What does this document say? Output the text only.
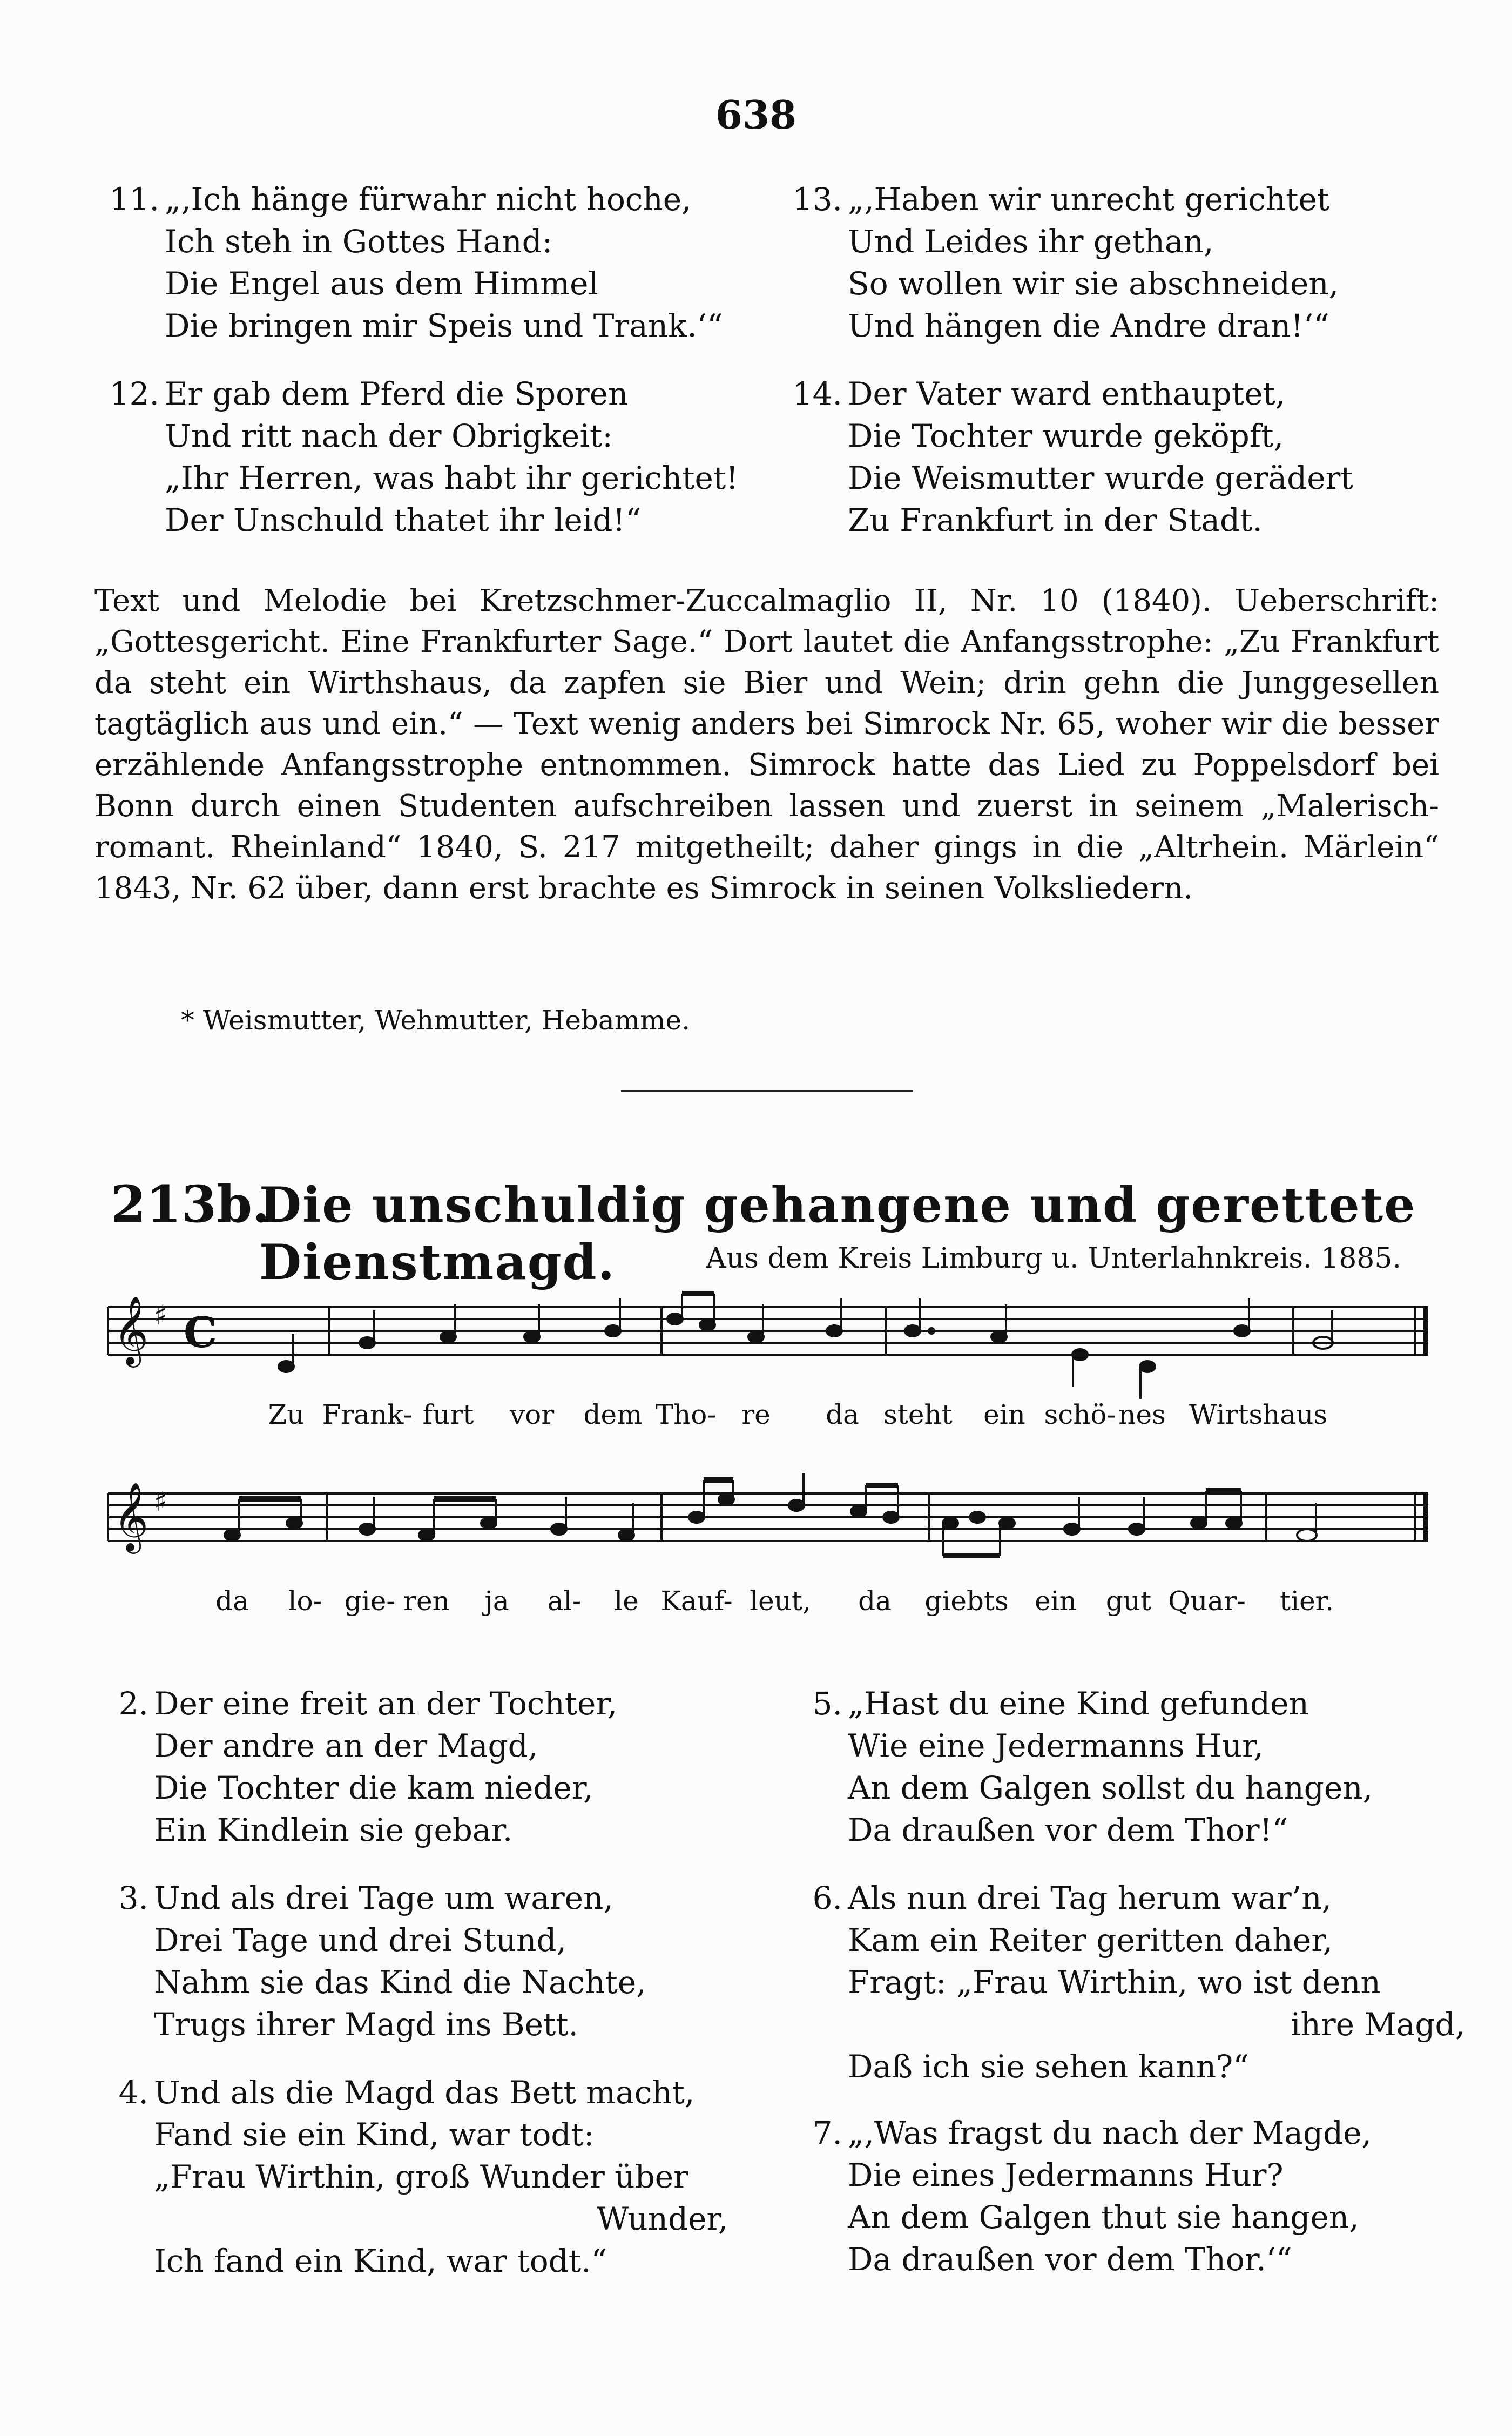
638
11. „‚Ich hänge fürwahr nicht hoche,
Ich steh in Gottes Hand:
Die Engel aus dem Himmel
Die bringen mir Speis und Trank.‘“
12. Er gab dem Pferd die Sporen
Und ritt nach der Obrigkeit:
„Ihr Herren, was habt ihr gerichtet!
Der Unschuld thatet ihr leid!“
13. „‚Haben wir unrecht gerichtet
Und Leides ihr gethan,
So wollen wir sie abschneiden,
Und hängen die Andre dran!‘“
14. Der Vater ward enthauptet,
Die Tochter wurde geköpft,
Die Weismutter wurde gerädert
Zu Frankfurt in der Stadt.
Text und Melodie bei Kretzschmer-Zuccalmaglio II, Nr. 10 (1840). Ueberschrift: „Gottesgericht. Eine Frankfurter Sage.“ Dort lautet die Anfangsstrophe: „Zu Frankfurt da steht ein Wirthshaus, da zapfen sie Bier und Wein; drin gehn die Junggesellen tagtäglich aus und ein.“ — Text wenig anders bei Simrock Nr. 65, woher wir die besser erzählende Anfangsstrophe entnommen. Simrock hatte das Lied zu Poppelsdorf bei Bonn durch einen Studenten aufschreiben lassen und zuerst in seinem „Malerisch-romant. Rheinland“ 1840, S. 217 mitgetheilt; daher gings in die „Altrhein. Märlein“ 1843, Nr. 62 über, dann erst brachte es Simrock in seinen Volksliedern.
* Weismutter, Wehmutter, Hebamme.
213b.
Die unschuldig gehangene und gerettete Dienstmagd.	Aus dem Kreis Limburg u. Unterlahnkreis. 1885.
𝄞 ♯ C
𝄞 ♯
Zu Frank- furt vor dem Tho- re da steht ein schö- nes Wirtshaus
da lo- gie- ren ja al- le Kauf- leut, da giebts ein gut Quar- tier.
2. Der eine freit an der Tochter,
Der andre an der Magd,
Die Tochter die kam nieder,
Ein Kindlein sie gebar.
3. Und als drei Tage um waren,
Drei Tage und drei Stund,
Nahm sie das Kind die Nachte,
Trugs ihrer Magd ins Bett.
4. Und als die Magd das Bett macht,
Fand sie ein Kind, war todt:
„Frau Wirthin, groß Wunder über
Wunder,
Ich fand ein Kind, war todt.“
5. „Hast du eine Kind gefunden
Wie eine Jedermanns Hur,
An dem Galgen sollst du hangen,
Da draußen vor dem Thor!“
6. Als nun drei Tag herum war’n,
Kam ein Reiter geritten daher,
Fragt: „Frau Wirthin, wo ist denn
ihre Magd,
Daß ich sie sehen kann?“
7. „‚Was fragst du nach der Magde,
Die eines Jedermanns Hur?
An dem Galgen thut sie hangen,
Da draußen vor dem Thor.‘“
